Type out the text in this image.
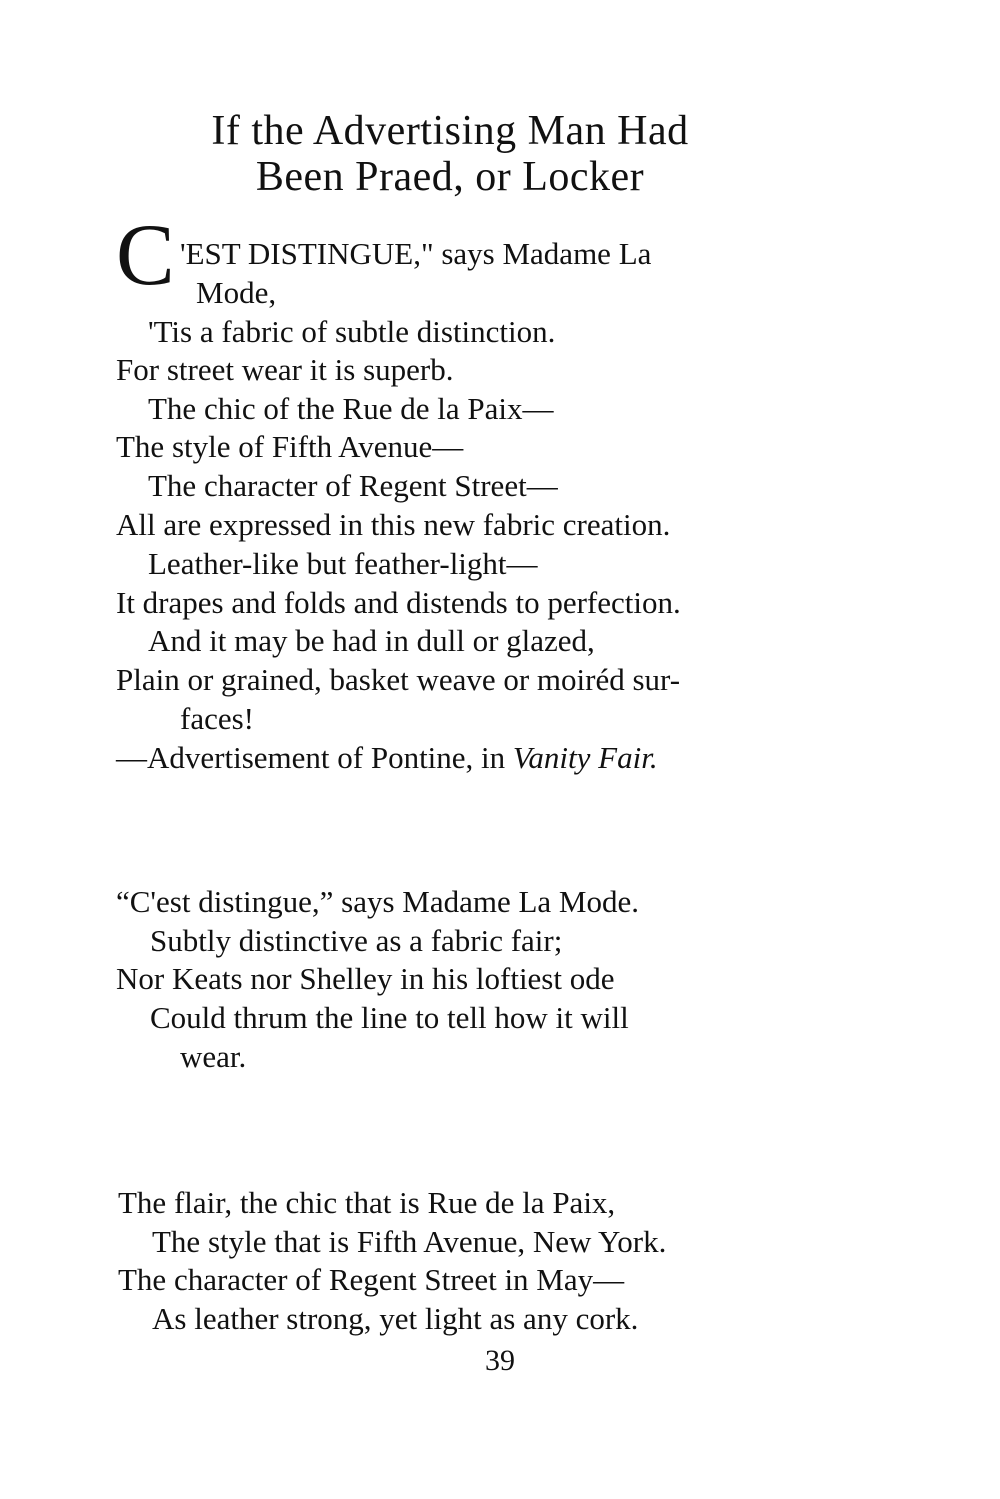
If the Advertising Man Had
Been Praed, or Locker

C 'EST DISTINGUE," says Madame La

Mode,

'Tis a fabric of subtle distinction.

For street wear it is superb.

The chic of the Rue de la Paix—

The style of Fifth Avenue—

The character of Regent Street—

All are expressed in this new fabric creation.

Leather-like but feather-light—

It drapes and folds and distends to perfection.

And it may be had in dull or glazed,

Plain or grained, basket weave or moiréd sur-

faces!

—Advertisement of Pontine, in Vanity Fair.

“C'est distingue,” says Madame La Mode.

Subtly distinctive as a fabric fair;

Nor Keats nor Shelley in his loftiest ode

Could thrum the line to tell how it will

wear.

The flair, the chic that is Rue de la Paix,

The style that is Fifth Avenue, New York.

The character of Regent Street in May—

As leather strong, yet light as any cork.

39
